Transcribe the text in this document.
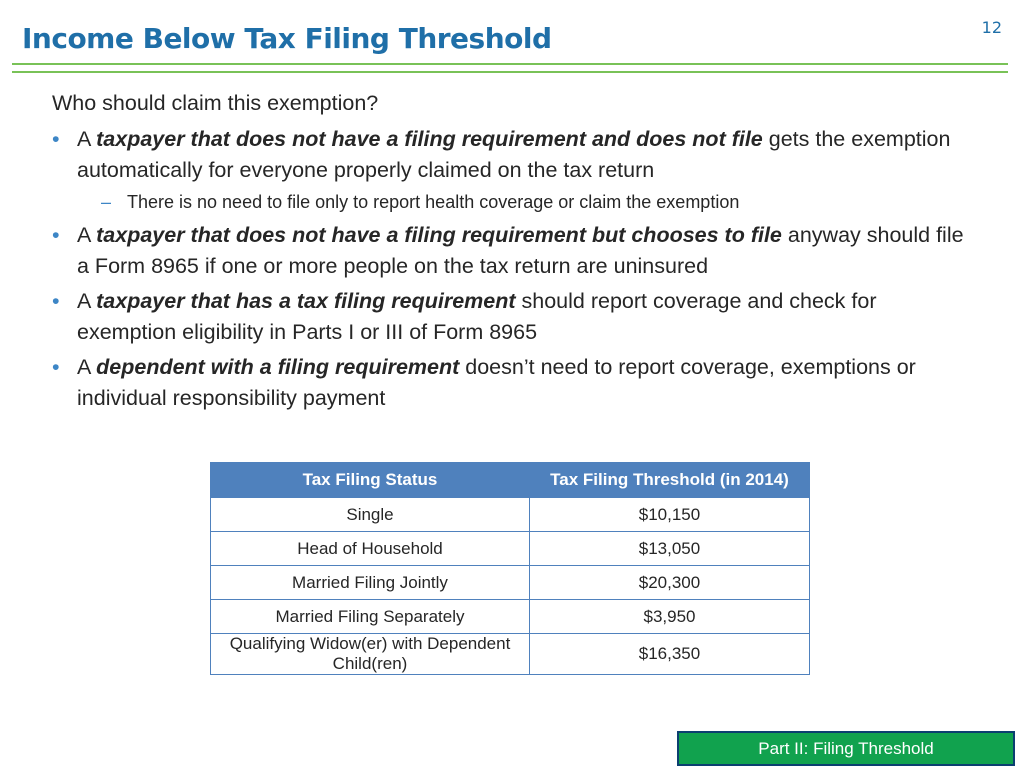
Income Below Tax Filing Threshold	12

Who should claim this exemption?

• A taxpayer that does not have a filing requirement and does not file gets the exemption automatically for everyone properly claimed on the tax return
– There is no need to file only to report health coverage or claim the exemption
• A taxpayer that does not have a filing requirement but chooses to file anyway should file a Form 8965 if one or more people on the tax return are uninsured
• A taxpayer that has a tax filing requirement should report coverage and check for exemption eligibility in Parts I or III of Form 8965
• A dependent with a filing requirement doesn’t need to report coverage, exemptions or individual responsibility payment
Tax Filing Status	Tax Filing Threshold (in 2014)
Single	$10,150
Head of Household	$13,050
Married Filing Jointly	$20,300
Married Filing Separately	$3,950
Qualifying Widow(er) with Dependent Child(ren)	$16,350
Part II: Filing Threshold
